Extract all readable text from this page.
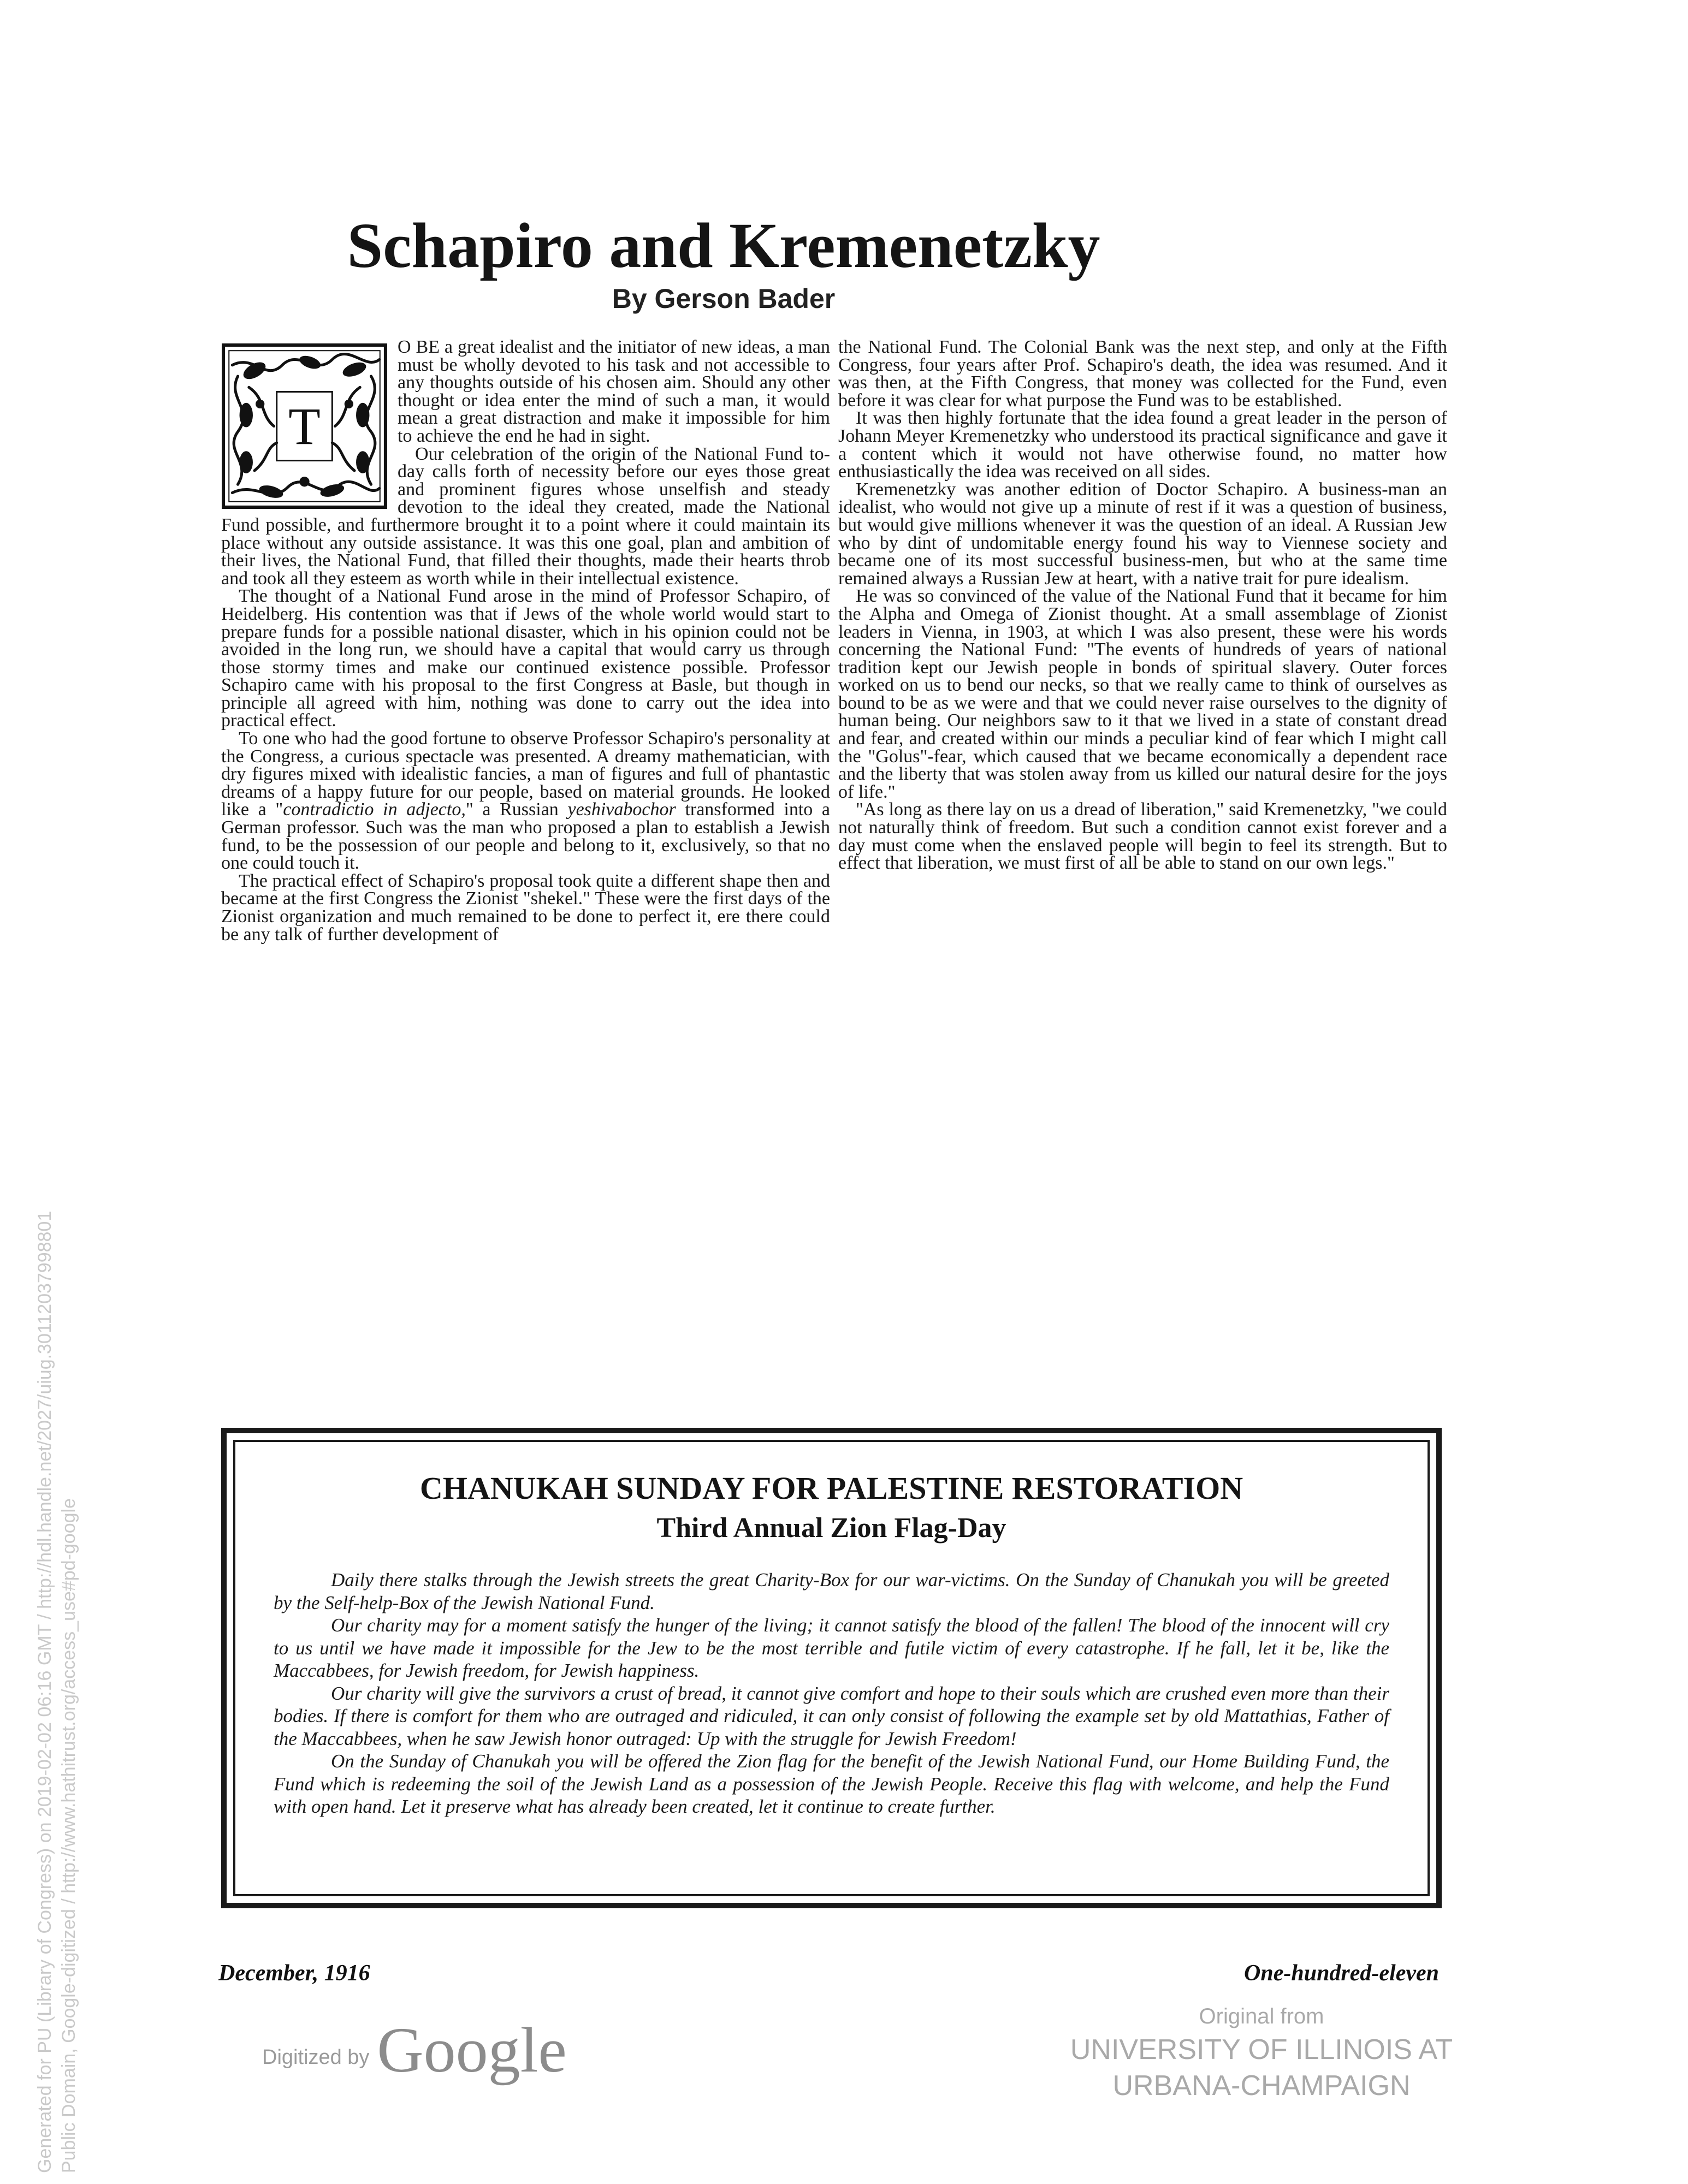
Generated for PU (Library of Congress) on 2019-02-02 06:16 GMT / http://hdl.handle.net/2027/uiug.30112037998801 Public Domain, Google-digitized / http://www.hathitrust.org/access_use#pd-google
Schapiro and Kremenetzky
By Gerson Bader
T

O BE a great idealist and the initiator of new ideas, a man must be wholly devoted to his task and not accessible to any thoughts outside of his chosen aim. Should any other thought or idea enter the mind of such a man, it would mean a great distraction and make it impossible for him to achieve the end he had in sight.

Our celebration of the origin of the National Fund to-day calls forth of necessity before our eyes those great and prominent figures whose unselfish and steady devotion to the ideal they created, made the National Fund possible, and furthermore brought it to a point where it could maintain its place without any outside assistance. It was this one goal, plan and ambition of their lives, the National Fund, that filled their thoughts, made their hearts throb and took all they esteem as worth while in their intellectual existence.

The thought of a National Fund arose in the mind of Professor Schapiro, of Heidelberg. His contention was that if Jews of the whole world would start to prepare funds for a possible national disaster, which in his opinion could not be avoided in the long run, we should have a capital that would carry us through those stormy times and make our continued existence possible. Professor Schapiro came with his proposal to the first Congress at Basle, but though in principle all agreed with him, nothing was done to carry out the idea into practical effect.

To one who had the good fortune to observe Professor Schapiro's personality at the Congress, a curious spectacle was presented. A dreamy mathematician, with dry figures mixed with idealistic fancies, a man of figures and full of phantastic dreams of a happy future for our people, based on material grounds. He looked like a "contradictio in adjecto," a Russian yeshivabochor transformed into a German professor. Such was the man who proposed a plan to establish a Jewish fund, to be the possession of our people and belong to it, exclusively, so that no one could touch it.

The practical effect of Schapiro's proposal took quite a different shape then and became at the first Congress the Zionist "shekel." These were the first days of the Zionist organization and much remained to be done to perfect it, ere there could be any talk of further development of

the National Fund. The Colonial Bank was the next step, and only at the Fifth Congress, four years after Prof. Schapiro's death, the idea was resumed. And it was then, at the Fifth Congress, that money was collected for the Fund, even before it was clear for what purpose the Fund was to be established.

It was then highly fortunate that the idea found a great leader in the person of Johann Meyer Kremenetzky who understood its practical significance and gave it a content which it would not have otherwise found, no matter how enthusiastically the idea was received on all sides.

Kremenetzky was another edition of Doctor Schapiro. A business-man an idealist, who would not give up a minute of rest if it was a question of business, but would give millions whenever it was the question of an ideal. A Russian Jew who by dint of undomitable energy found his way to Viennese society and became one of its most successful business-men, but who at the same time remained always a Russian Jew at heart, with a native trait for pure idealism.

He was so convinced of the value of the National Fund that it became for him the Alpha and Omega of Zionist thought. At a small assemblage of Zionist leaders in Vienna, in 1903, at which I was also present, these were his words concerning the National Fund: "The events of hundreds of years of national tradition kept our Jewish people in bonds of spiritual slavery. Outer forces worked on us to bend our necks, so that we really came to think of ourselves as bound to be as we were and that we could never raise ourselves to the dignity of human being. Our neighbors saw to it that we lived in a state of constant dread and fear, and created within our minds a peculiar kind of fear which I might call the "Golus"-fear, which caused that we became economically a dependent race and the liberty that was stolen away from us killed our natural desire for the joys of life."

"As long as there lay on us a dread of liberation," said Kremenetzky, "we could not naturally think of freedom. But such a condition cannot exist forever and a day must come when the enslaved people will begin to feel its strength. But to effect that liberation, we must first of all be able to stand on our own legs."

CHANUKAH SUNDAY FOR PALESTINE RESTORATION
Third Annual Zion Flag-Day

Daily there stalks through the Jewish streets the great Charity-Box for our war-victims. On the Sunday of Chanukah you will be greeted by the Self-help-Box of the Jewish National Fund.

Our charity may for a moment satisfy the hunger of the living; it cannot satisfy the blood of the fallen! The blood of the innocent will cry to us until we have made it impossible for the Jew to be the most terrible and futile victim of every catastrophe. If he fall, let it be, like the Maccabbees, for Jewish freedom, for Jewish happiness.

Our charity will give the survivors a crust of bread, it cannot give comfort and hope to their souls which are crushed even more than their bodies. If there is comfort for them who are outraged and ridiculed, it can only consist of following the example set by old Mattathias, Father of the Maccabbees, when he saw Jewish honor outraged: Up with the struggle for Jewish Freedom!

On the Sunday of Chanukah you will be offered the Zion flag for the benefit of the Jewish National Fund, our Home Building Fund, the Fund which is redeeming the soil of the Jewish Land as a possession of the Jewish People. Receive this flag with welcome, and help the Fund with open hand. Let it preserve what has already been created, let it continue to create further.

December, 1916	One-hundred-eleven
Digitized by Google	Original from
UNIVERSITY OF ILLINOIS AT
URBANA-CHAMPAIGN
